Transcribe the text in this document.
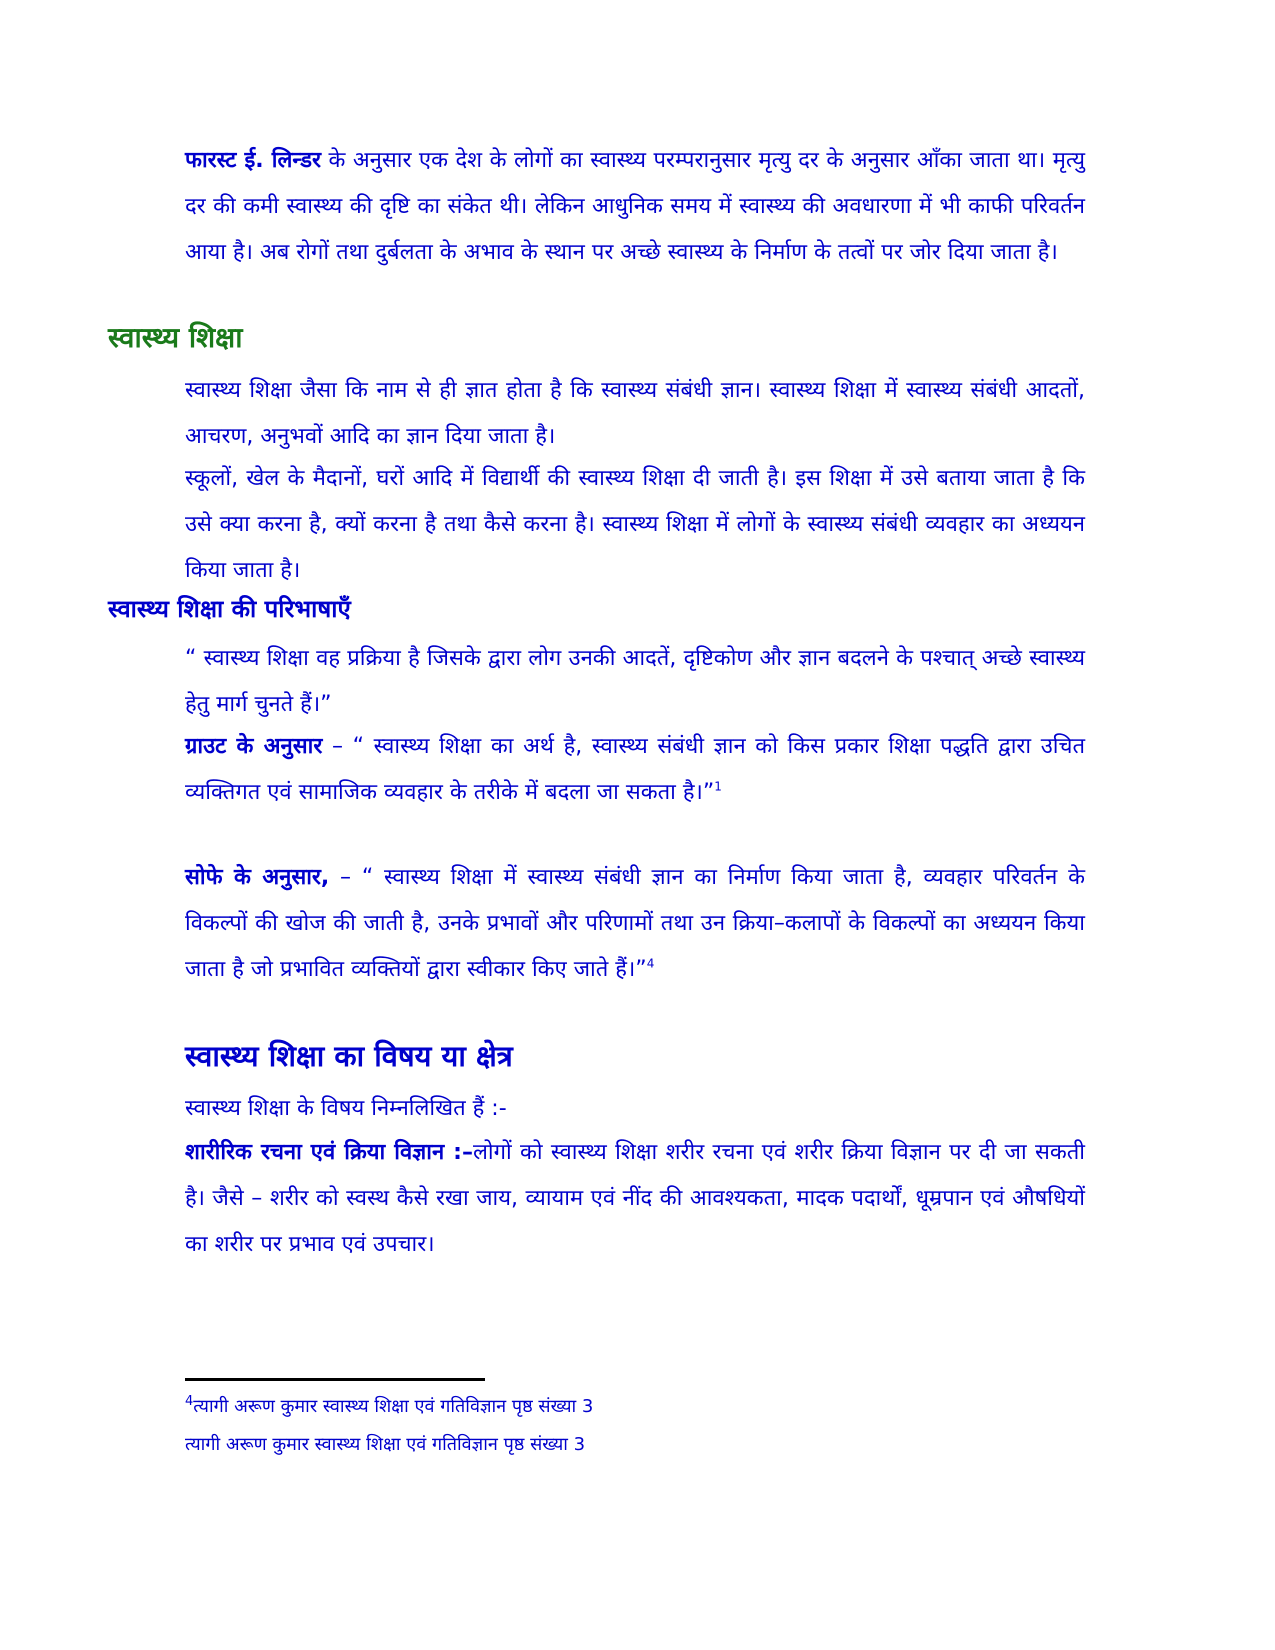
फारस्ट ई. लिन्डर के अनुसार एक देश के लोगों का स्वास्थ्य परम्परानुसार मृत्यु दर के अनुसार आँका जाता था। मृत्यु दर की कमी स्वास्थ्य की दृष्टि का संकेत थी। लेकिन आधुनिक समय में स्वास्थ्य की अवधारणा में भी काफी परिवर्तन आया है। अब रोगों तथा दुर्बलता के अभाव के स्थान पर अच्छे स्वास्थ्य के निर्माण के तत्वों पर जोर दिया जाता है।

स्वास्थ्य शिक्षा

स्वास्थ्य शिक्षा जैसा कि नाम से ही ज्ञात होता है कि स्वास्थ्य संबंधी ज्ञान। स्वास्थ्य शिक्षा में स्वास्थ्य संबंधी आदतों, आचरण, अनुभवों आदि का ज्ञान दिया जाता है।

स्कूलों, खेल के मैदानों, घरों आदि में विद्यार्थी की स्वास्थ्य शिक्षा दी जाती है। इस शिक्षा में उसे बताया जाता है कि उसे क्या करना है, क्यों करना है तथा कैसे करना है। स्वास्थ्य शिक्षा में लोगों के स्वास्थ्य संबंधी व्यवहार का अध्ययन किया जाता है।

स्वास्थ्य शिक्षा की परिभाषाएँ

“ स्वास्थ्य शिक्षा वह प्रक्रिया है जिसके द्वारा लोग उनकी आदतें, दृष्टिकोण और ज्ञान बदलने के पश्चात् अच्छे स्वास्थ्य हेतु मार्ग चुनते हैं।”

ग्राउट के अनुसार – “ स्वास्थ्य शिक्षा का अर्थ है, स्वास्थ्य संबंधी ज्ञान को किस प्रकार शिक्षा पद्धति द्वारा उचित व्यक्तिगत एवं सामाजिक व्यवहार के तरीके में बदला जा सकता है।”$^1$

सोफे के अनुसार, – “ स्वास्थ्य शिक्षा में स्वास्थ्य संबंधी ज्ञान का निर्माण किया जाता है, व्यवहार परिवर्तन के विकल्पों की खोज की जाती है, उनके प्रभावों और परिणामों तथा उन क्रिया–कलापों के विकल्पों का अध्ययन किया जाता है जो प्रभावित व्यक्तियों द्वारा स्वीकार किए जाते हैं।”$^4$

स्वास्थ्य शिक्षा का विषय या क्षेत्र

स्वास्थ्य शिक्षा के विषय निम्नलिखित हैं :-

शारीरिक रचना एवं क्रिया विज्ञान :–लोगों को स्वास्थ्य शिक्षा शरीर रचना एवं शरीर क्रिया विज्ञान पर दी जा सकती है। जैसे – शरीर को स्वस्थ कैसे रखा जाय, व्यायाम एवं नींद की आवश्यकता, मादक पदार्थों, धूम्रपान एवं औषधियों का शरीर पर प्रभाव एवं उपचार।

$^4$त्यागी अरूण कुमार स्वास्थ्य शिक्षा एवं गतिविज्ञान पृष्ठ संख्या 3

त्यागी अरूण कुमार स्वास्थ्य शिक्षा एवं गतिविज्ञान पृष्ठ संख्या 3
